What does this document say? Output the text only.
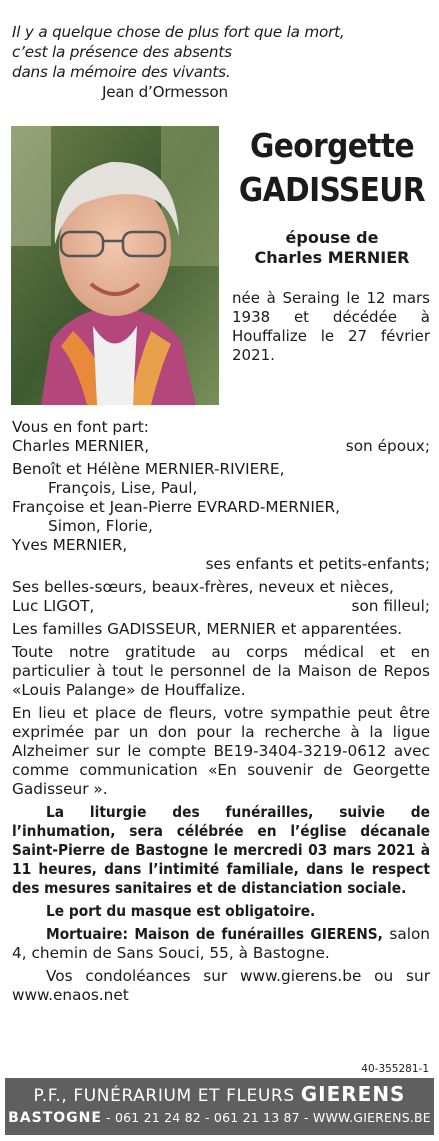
Il y a quelque chose de plus fort que la mort,
c’est la présence des absents
dans la mémoire des vivants.
Jean d’Ormesson
Georgette
GADISSEUR
épouse de
Charles MERNIER
née à Seraing le 12 mars 1938 et décédée à Houffalize le 27 février 2021.
Vous en font part:
Charles MERNIER,	son époux;
Benoît et Hélène MERNIER-RIVIERE,
François, Lise, Paul,
Françoise et Jean-Pierre EVRARD-MERNIER,
Simon, Florie,
Yves MERNIER,
ses enfants et petits-enfants;
Ses belles-sœurs, beaux-frères, neveux et nièces,
Luc LIGOT,	son filleul;
Les familles GADISSEUR, MERNIER et apparentées.
Toute notre gratitude au corps médical et en particulier à tout le personnel de la Maison de Repos «Louis Palange» de Houffalize.
En lieu et place de fleurs, votre sympathie peut être exprimée par un don pour la recherche à la ligue Alzheimer sur le compte BE19-3404-3219-0612 avec comme communication «En souvenir de Georgette Gadisseur ».
La liturgie des funérailles, suivie de l’inhumation, sera célébrée en l’église décanale Saint-Pierre de Bastogne le mercredi 03 mars 2021 à 11 heures, dans l’intimité familiale, dans le respect des mesures sanitaires et de distanciation sociale.
Le port du masque est obligatoire.
Mortuaire: Maison de funérailles GIERENS, salon 4, chemin de Sans Souci, 55, à Bastogne.
Vos condoléances sur www.gierens.be ou sur www.enaos.net
40-355281-1
P.F., FUNÉRARIUM ET FLEURS GIERENS
BASTOGNE - 061 21 24 82 - 061 21 13 87 - WWW.GIERENS.BE
